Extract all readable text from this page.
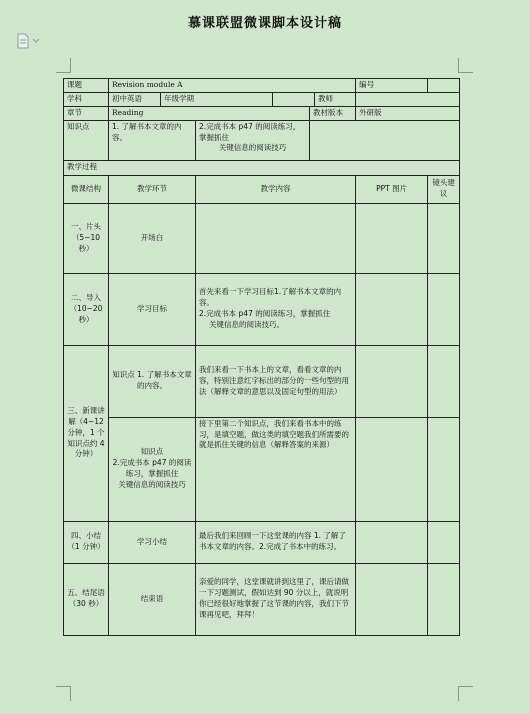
慕课联盟微课脚本设计稿
课题	Revision module A						编号	
学科	初中英语	年级学期				教师		
章节	Reading				教材版本		外研版	
知识点	1. 了解书本文章的内容。		2.完成书本 p47 的阅读练习，掌握抓住
关键信息的阅读技巧					

教学过程								
微课结构	教学环节		教学内容				PPT 图片	镜头建议
一、片头（5~10 秒）	开场白							
二、导入（10~20 秒）	学习目标		首先来看一下学习目标1.了解书本文章的内容。
2.完成书本 p47 的阅读练习，掌握抓住
关键信息的阅读技巧。					

三、新课讲解（4~12 分钟，1 个知识点约 4 分钟）	知识点 1. 了解书本文章的内容。		我们来看一下书本上的文章，看看文章的内容，特别注意红字标出的部分的一些句型的用法（解释文章的意思以及固定句型的用法）					

	知识点
2.完成书本 p47 的阅读练习，掌握抓住
关键信息的阅读技巧		接下里第二个知识点，我们来看书本中的练习，是填空题，做这类的填空题我们所需要的就是抓住关键的信息（解释答案的来源）					
四、小结（1 分钟）	学习小结		最后我们来回顾一下这堂课的内容 1. 了解了书本文章的内容。2.完成了书本中的练习。					
五、结尾语（30 秒）	结束语		亲爱的同学，这堂课就讲到这里了，课后请做一下习题测试，假如达到 90 分以上，就说明你已经很好地掌握了这节课的内容，我们下节课再见吧，拜拜！					
